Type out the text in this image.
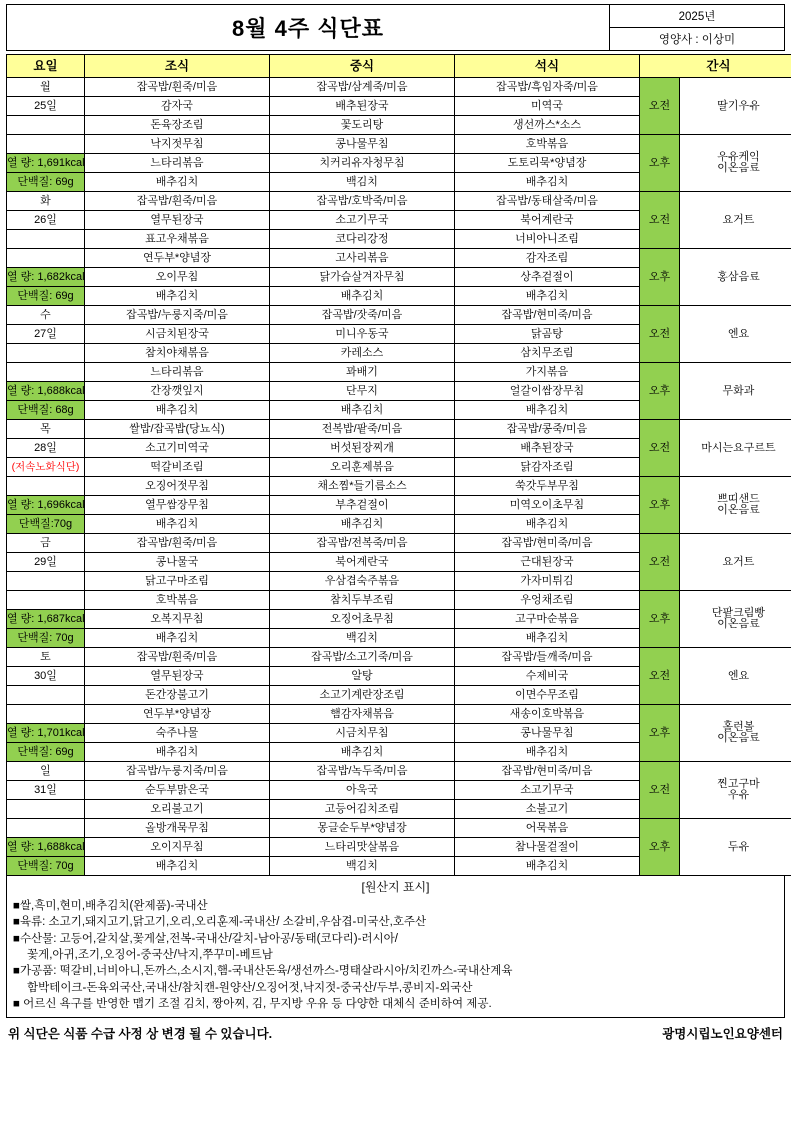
8월 4주 식단표	2025년
영양사 : 이상미
요일	조식	중식	석식	간식	
월	잡곡밥/흰죽/미음	잡곡밥/삼계죽/미음	잡곡밥/흑임자죽/미음	오전	딸기우유
25일	감자국	배추된장국	미역국		
	돈육장조림	꽃도리탕	생선까스*소스		
	낙지젓무침	콩나물무침	호박볶음	오후	우유케익
이온음료
열 량: 1,691kcal	느타리볶음	치커리유자청무침	도토리묵*양념장		
단백질: 69g	배추김치	백김치	배추김치		
화	잡곡밥/흰죽/미음	잡곡밥/호박죽/미음	잡곡밥/동태살죽/미음	오전	요거트
26일	열무된장국	소고기무국	북어계란국		
	표고우채볶음	코다리강정	너비아니조림		
	연두부*양념장	고사리볶음	감자조림	오후	홍삼음료
열 량: 1,682kcal	오이무침	닭가슴살겨자무침	상추겉절이		
단백질: 69g	배추김치	배추김치	배추김치		
수	잡곡밥/누룽지죽/미음	잡곡밥/잣죽/미음	잡곡밥/현미죽/미음	오전	엔요
27일	시금치된장국	미니우동국	닭곰탕		
	참치야채볶음	카레소스	삼치무조림		
	느타리볶음	꽈배기	가지볶음	오후	무화과
열 량: 1,688kcal	간장깻잎지	단무지	얼갈이쌈장무침		
단백질: 68g	배추김치	배추김치	배추김치		
목	쌀밥/잡곡밥(당뇨식)	전복밥/팥죽/미음	잡곡밥/콩죽/미음	오전	마시는요구르트
28일	소고기미역국	버섯된장찌개	배추된장국		
(저속노화식단)	떡갈비조림	오리훈제볶음	닭감자조림		
	오징어젓무침	채소찜*들기름소스	쑥갓두부무침	오후	쁘띠샌드
이온음료
열 량: 1,696kcal	열무쌈장무침	부추겉절이	미역오이초무침		
단백질:70g	배추김치	배추김치	배추김치		
금	잡곡밥/흰죽/미음	잡곡밥/전복죽/미음	잡곡밥/현미죽/미음	오전	요거트
29일	콩나물국	북어계란국	근대된장국		
	닭고구마조림	우삼겹숙주볶음	가자미튀김		
	호박볶음	참치두부조림	우엉채조림	오후	단팥크림빵
이온음료
열 량: 1,687kcal	오복지무침	오징어초무침	고구마순볶음		
단백질: 70g	배추김치	백김치	배추김치		
토	잡곡밥/흰죽/미음	잡곡밥/소고기죽/미음	잡곡밥/들깨죽/미음	오전	엔요
30일	열무된장국	알탕	수제비국		
	돈간장불고기	소고기계란장조림	이면수무조림		
	연두부*양념장	햄감자채볶음	새송이호박볶음	오후	홀런볼
이온음료
열 량: 1,701kcal	숙주나물	시금치무침	콩나물무침		
단백질: 69g	배추김치	배추김치	배추김치		
일	잡곡밥/누룽지죽/미음	잡곡밥/녹두죽/미음	잡곡밥/현미죽/미음	오전	찐고구마
우유
31일	순두부맑은국	아욱국	소고기무국		
	오리불고기	고등어김치조림	소불고기		
	올방개묵무침	몽글순두부*양념장	어묵볶음	오후	두유
열 량: 1,688kcal	오이지무침	느타리맛살볶음	참나물겉절이		
단백질: 70g	배추김치	백김치	배추김치		
[원산지 표시]
■쌀,흑미,현미,배추김치(완제품)-국내산
■육류: 소고기,돼지고기,닭고기,오리,오리훈제-국내산/ 소갈비,우삼겹-미국산,호주산
■수산물: 고등어,갈치살,꽃게살,전복-국내산/갈치-남아공/동태(코다리)-러시아/
꽃게,아귀,조기,오징어-중국산/낙지,쭈꾸미-베트남
■가공품: 떡갈비,너비아니,돈까스,소시지,햄-국내산돈육/생선까스-명태살라시아/치킨까스-국내산계육
함박테이크-돈육외국산,국내산/참치캔-원양산/오징어젓,낙지젓-중국산/두부,콩비지-외국산
■ 어르신 욕구를 반영한 맵기 조절 김치, 짱아찌, 김, 무지방 우유 등 다양한 대체식 준비하여 제공.
위 식단은 식품 수급 사정 상 변경 될 수 있습니다.	광명시립노인요양센터
